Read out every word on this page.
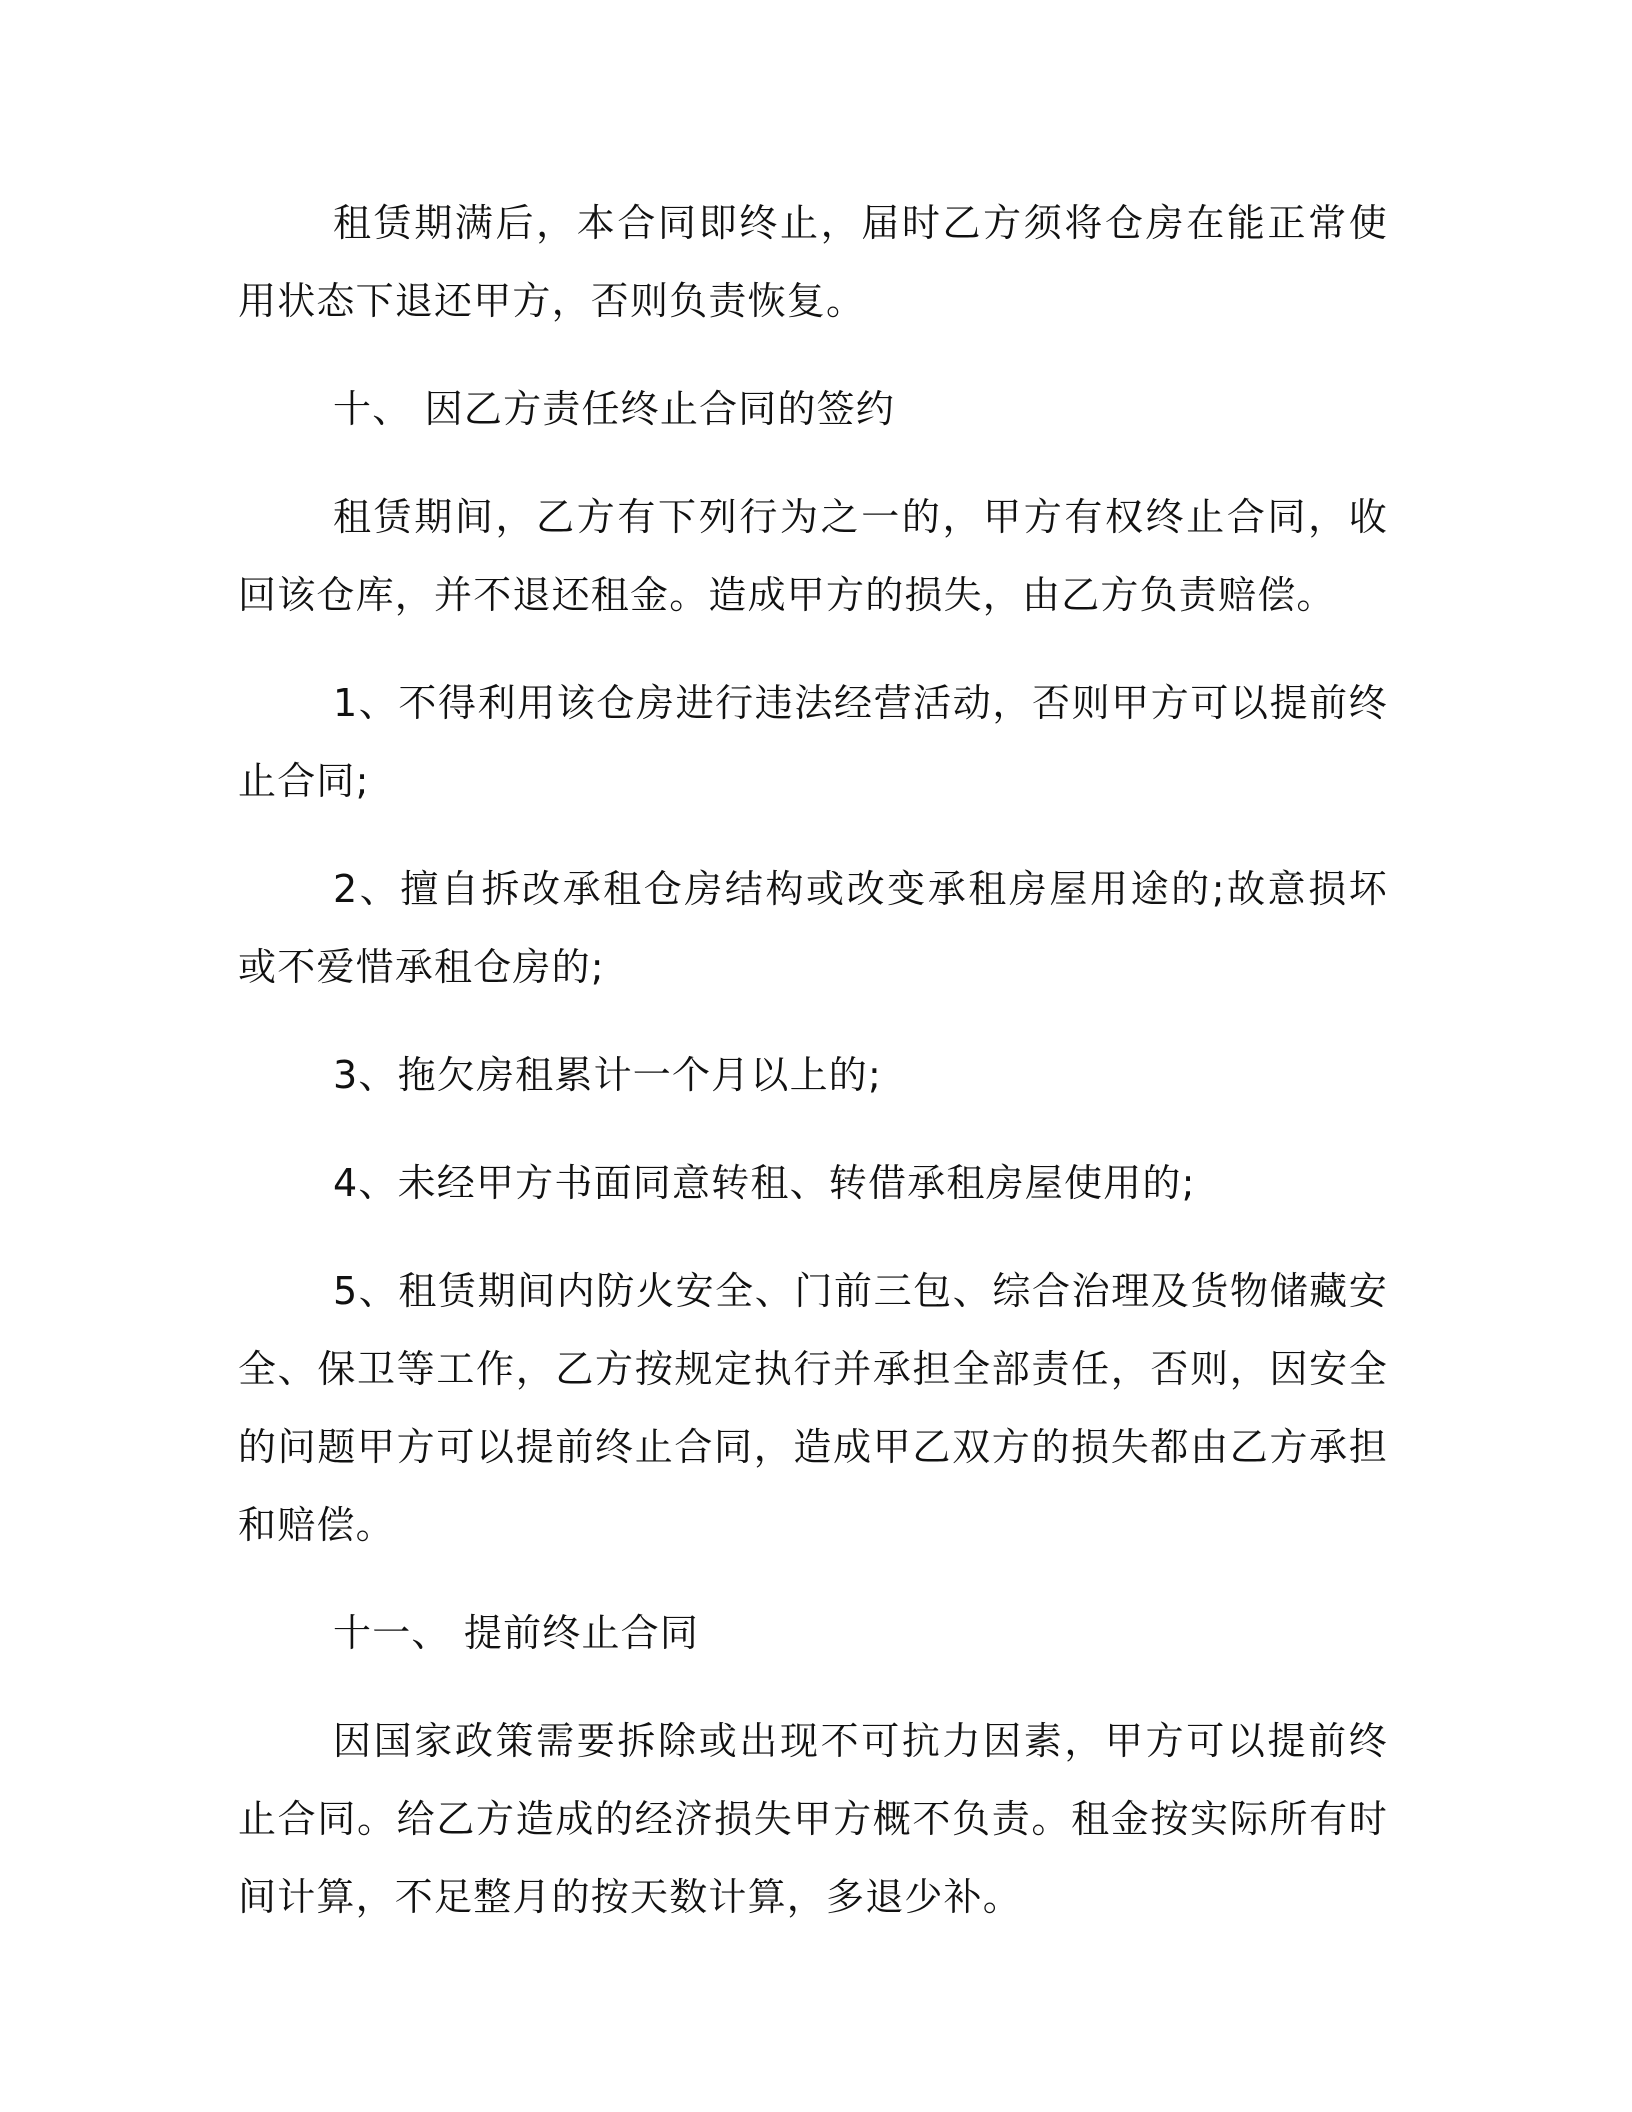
租赁期满后，本合同即终止，届时乙方须将仓房在能正常使用状态下退还甲方，否则负责恢复。

十、 因乙方责任终止合同的签约

租赁期间，乙方有下列行为之一的，甲方有权终止合同，收回该仓库，并不退还租金。造成甲方的损失，由乙方负责赔偿。

1、不得利用该仓房进行违法经营活动，否则甲方可以提前终止合同;

2、擅自拆改承租仓房结构或改变承租房屋用途的;故意损坏或不爱惜承租仓房的;

3、拖欠房租累计一个月以上的;

4、未经甲方书面同意转租、转借承租房屋使用的;

5、租赁期间内防火安全、门前三包、综合治理及货物储藏安全、保卫等工作，乙方按规定执行并承担全部责任，否则，因安全的问题甲方可以提前终止合同，造成甲乙双方的损失都由乙方承担和赔偿。

十一、 提前终止合同

因国家政策需要拆除或出现不可抗力因素，甲方可以提前终止合同。给乙方造成的经济损失甲方概不负责。租金按实际所有时间计算，不足整月的按天数计算，多退少补。
